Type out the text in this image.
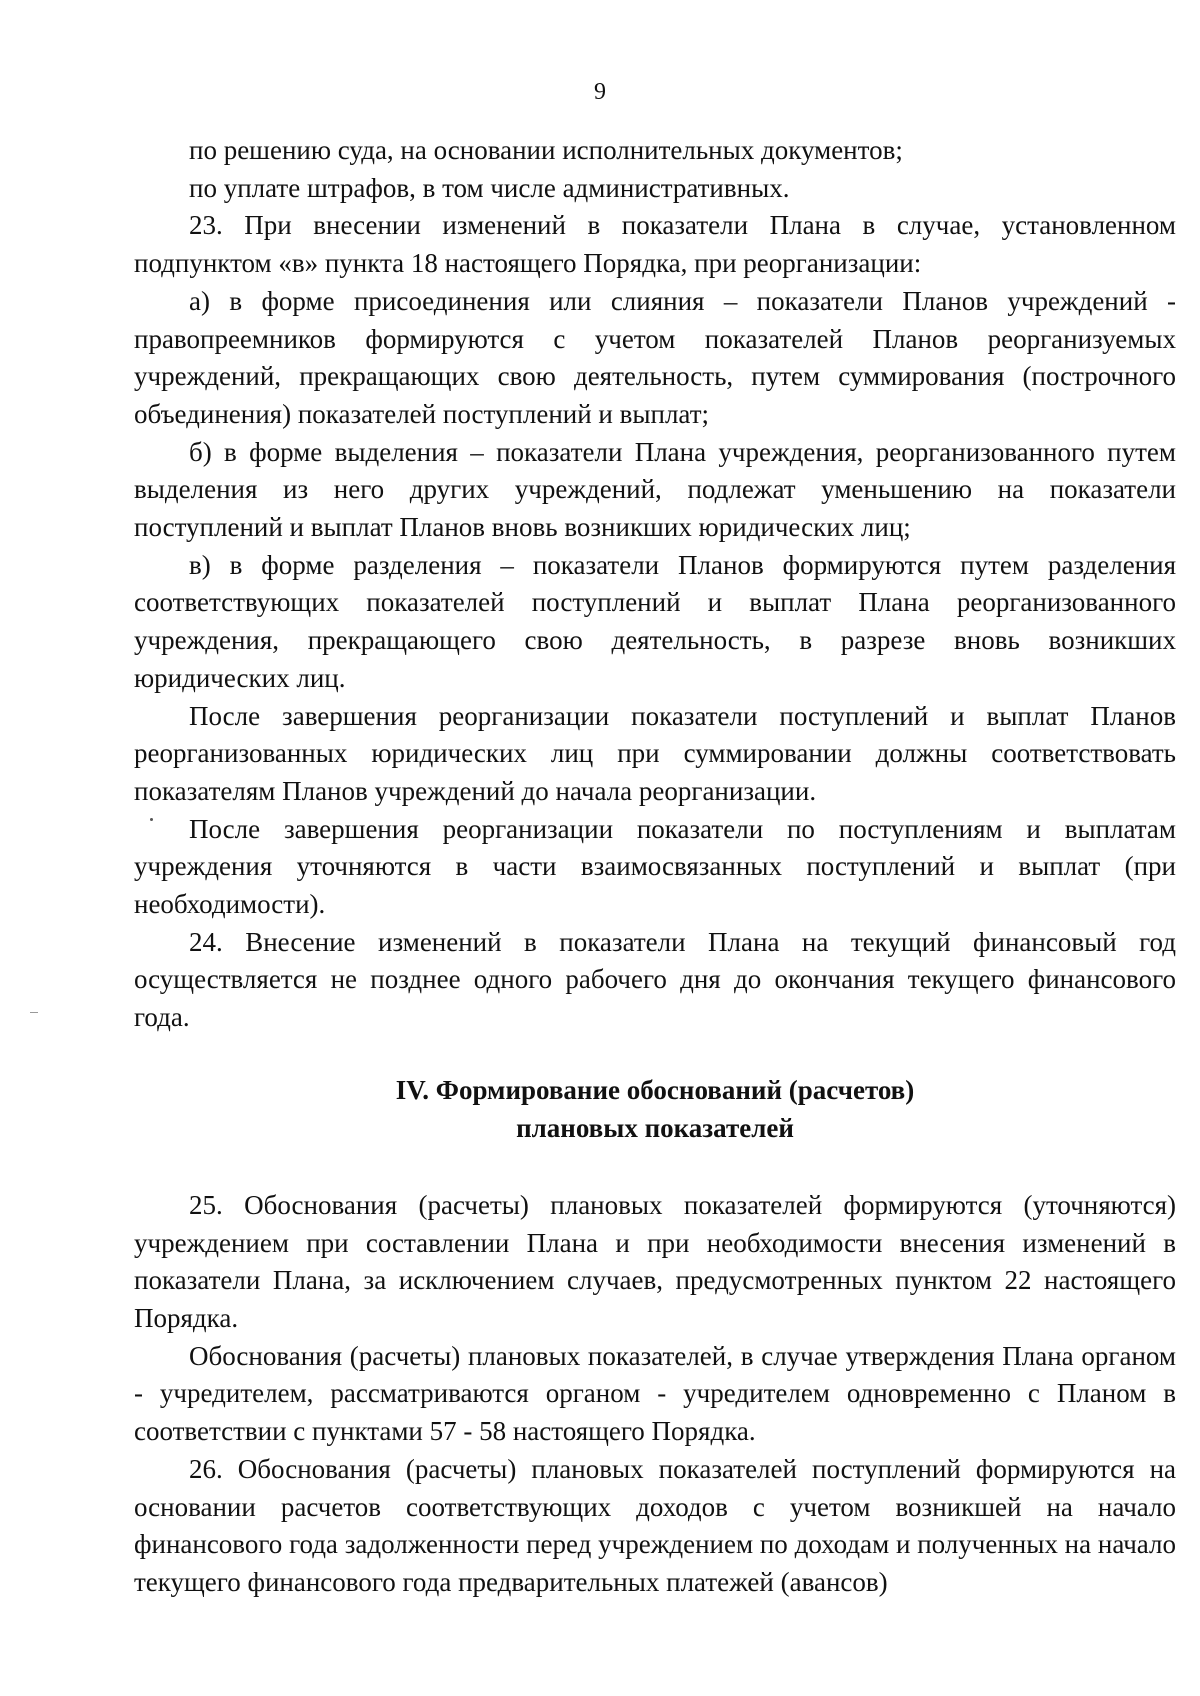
9

по решению суда, на основании исполнительных документов;

по уплате штрафов, в том числе административных.

23. При внесении изменений в показатели Плана в случае, установленном подпунктом «в» пункта 18 настоящего Порядка, при реорганизации:

а) в форме присоединения или слияния – показатели Планов учреждений - правопреемников формируются с учетом показателей Планов реорганизуемых учреждений, прекращающих свою деятельность, путем суммирования (построчного объединения) показателей поступлений и выплат;

б) в форме выделения – показатели Плана учреждения, реорганизованного путем выделения из него других учреждений, подлежат уменьшению на показатели поступлений и выплат Планов вновь возникших юридических лиц;

в) в форме разделения – показатели Планов формируются путем разделения соответствующих показателей поступлений и выплат Плана реорганизованного учреждения, прекращающего свою деятельность, в разрезе вновь возникших юридических лиц.

После завершения реорганизации показатели поступлений и выплат Планов реорганизованных юридических лиц при суммировании должны соответствовать показателям Планов учреждений до начала реорганизации.

После завершения реорганизации показатели по поступлениям и выплатам учреждения уточняются в части взаимосвязанных поступлений и выплат (при необходимости).

24. Внесение изменений в показатели Плана на текущий финансовый год осуществляется не позднее одного рабочего дня до окончания текущего финансового года.

IV. Формирование обоснований (расчетов)
плановых показателей

25. Обоснования (расчеты) плановых показателей формируются (уточняются) учреждением при составлении Плана и при необходимости внесения изменений в показатели Плана, за исключением случаев, предусмотренных пунктом 22 настоящего Порядка.

Обоснования (расчеты) плановых показателей, в случае утверждения Плана органом - учредителем, рассматриваются органом - учредителем одновременно с Планом в соответствии с пунктами 57 - 58 настоящего Порядка.

26. Обоснования (расчеты) плановых показателей поступлений формируются на основании расчетов соответствующих доходов с учетом возникшей на начало финансового года задолженности перед учреждением по доходам и полученных на начало текущего финансового года предварительных платежей (авансов)
